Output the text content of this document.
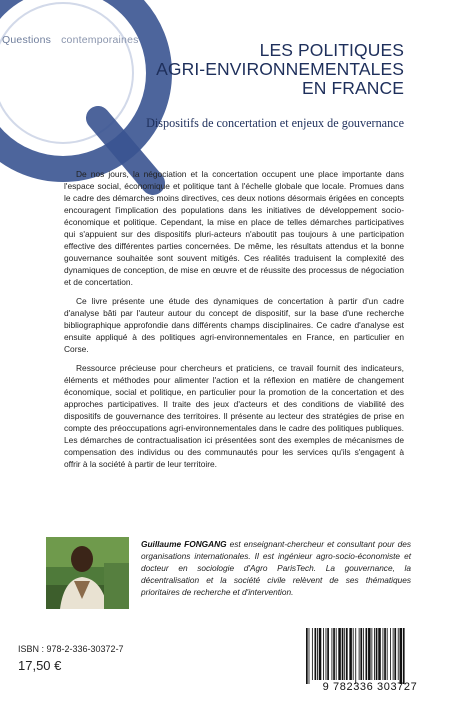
Questions contemporaines	LES POLITIQUES
AGRI-ENVIRONNEMENTALES
EN FRANCE
Dispositifs de concertation et enjeux de gouvernance

De nos jours, la négociation et la concertation occupent une place importante dans l'espace social, économique et politique tant à l'échelle globale que locale. Promues dans le cadre des démarches moins directives, ces deux notions désormais érigées en concepts encouragent l'implication des populations dans les initiatives de développement socio-économique et politique. Cependant, la mise en place de telles démarches participatives qui s'appuient sur des dispositifs pluri-acteurs n'aboutit pas toujours à une participation effective des différentes parties concernées. De même, les résultats attendus et la bonne gouvernance souhaitée sont souvent mitigés. Ces réalités traduisent la complexité des dynamiques de conception, de mise en œuvre et de réussite des processus de négociation et de concertation.

Ce livre présente une étude des dynamiques de concertation à partir d'un cadre d'analyse bâti par l'auteur autour du concept de dispositif, sur la base d'une recherche bibliographique approfondie dans différents champs disciplinaires. Ce cadre d'analyse est ensuite appliqué à des politiques agri-environnementales en France, en particulier en Corse.

Ressource précieuse pour chercheurs et praticiens, ce travail fournit des indicateurs, éléments et méthodes pour alimenter l'action et la réflexion en matière de changement économique, social et politique, en particulier pour la promotion de la concertation et des approches participatives. Il traite des jeux d'acteurs et des conditions de viabilité des dispositifs de gouvernance des territoires. Il présente au lecteur des stratégies de prise en compte des préoccupations agri-environnementales dans le cadre des politiques publiques. Les démarches de contractualisation ici présentées sont des exemples de mécanismes de compensation des individus ou des communautés pour les services qu'ils s'engagent à offrir à la société à partir de leur territoire.

Guillaume FONGANG est enseignant-chercheur et consultant pour des organisations internationales. Il est ingénieur agro-socio-économiste et docteur en sociologie d'Agro ParisTech. La gouvernance, la décentralisation et la société civile relèvent de ses thématiques prioritaires de recherche et d'intervention.
ISBN : 978-2-336-30372-7
17,50 €
9 782336 303727
